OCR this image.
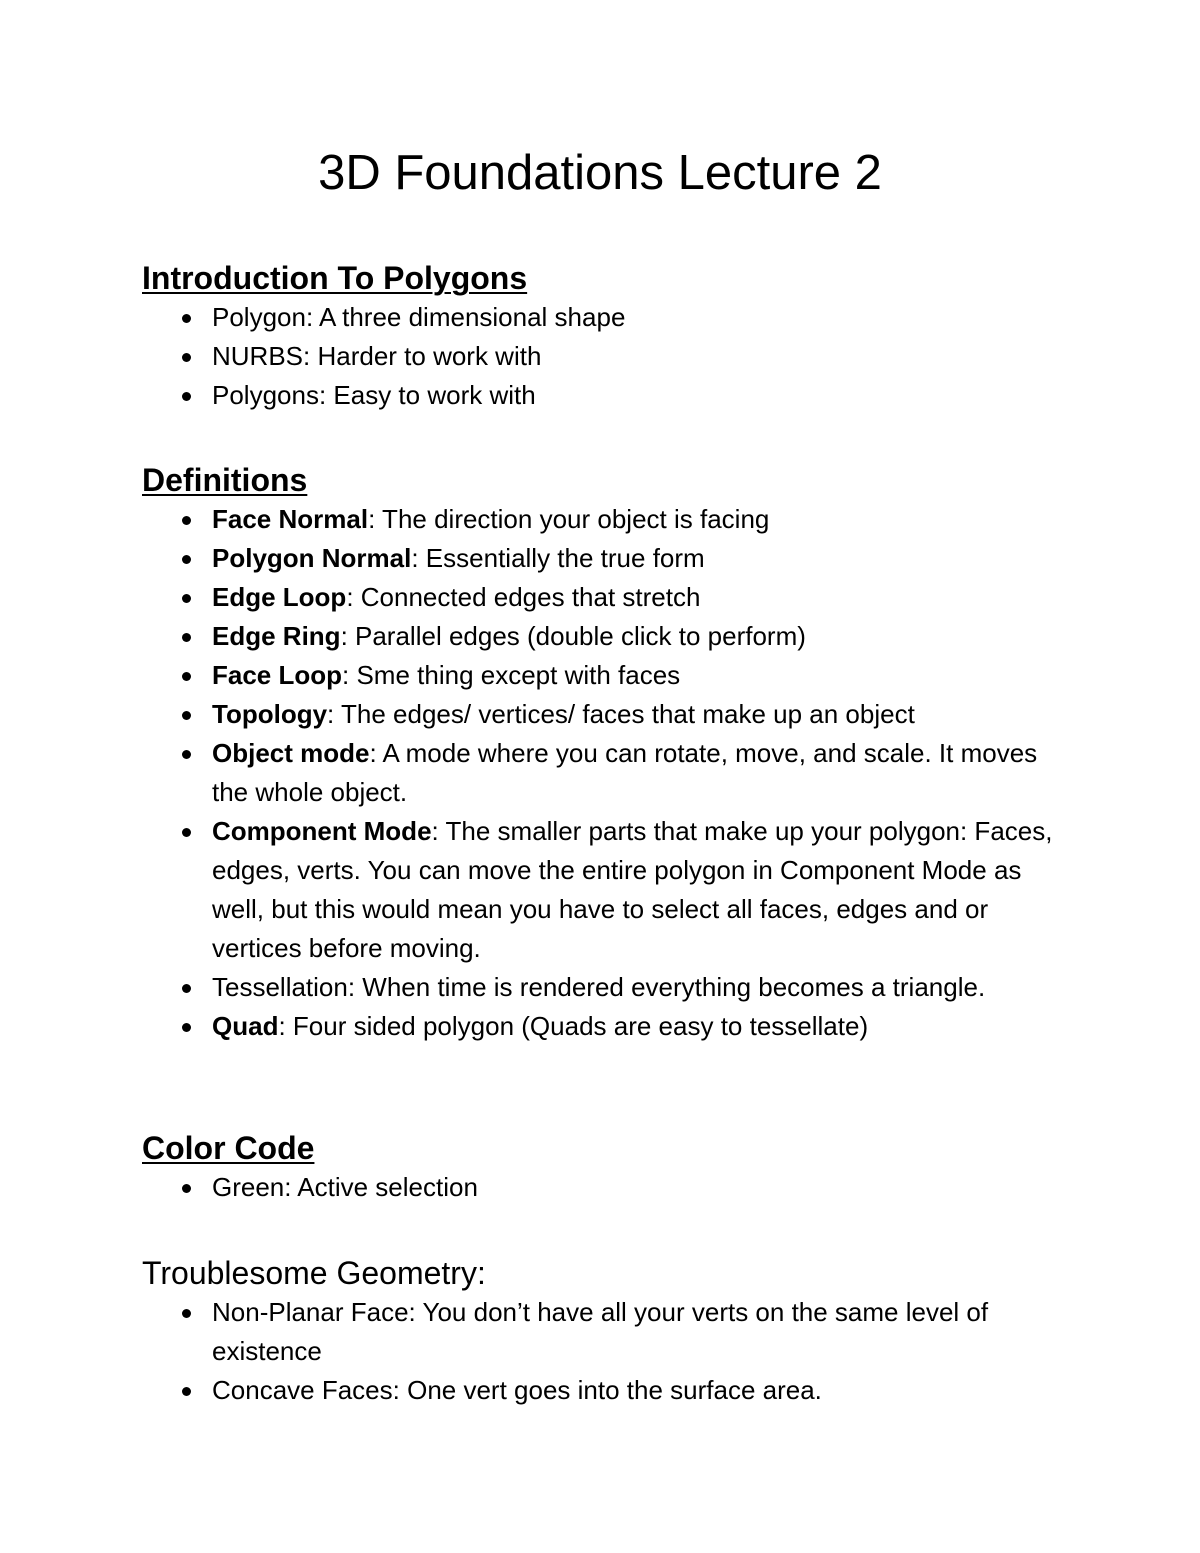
3D Foundations Lecture 2
Introduction To Polygons
Polygon: A three dimensional shape
NURBS: Harder to work with
Polygons: Easy to work with
Definitions
Face Normal: The direction your object is facing
Polygon Normal: Essentially the true form
Edge Loop: Connected edges that stretch
Edge Ring: Parallel edges (double click to perform)
Face Loop: Sme thing except with faces
Topology: The edges/ vertices/ faces that make up an object
Object mode: A mode where you can rotate, move, and scale. It moves the whole object.
Component Mode: The smaller parts that make up your polygon: Faces, edges, verts. You can move the entire polygon in Component Mode as well, but this would mean you have to select all faces, edges and or vertices before moving.
Tessellation: When time is rendered everything becomes a triangle.
Quad: Four sided polygon (Quads are easy to tessellate)
Color Code
Green: Active selection
Troublesome Geometry:
Non-Planar Face: You don’t have all your verts on the same level of existence
Concave Faces: One vert goes into the surface area.
